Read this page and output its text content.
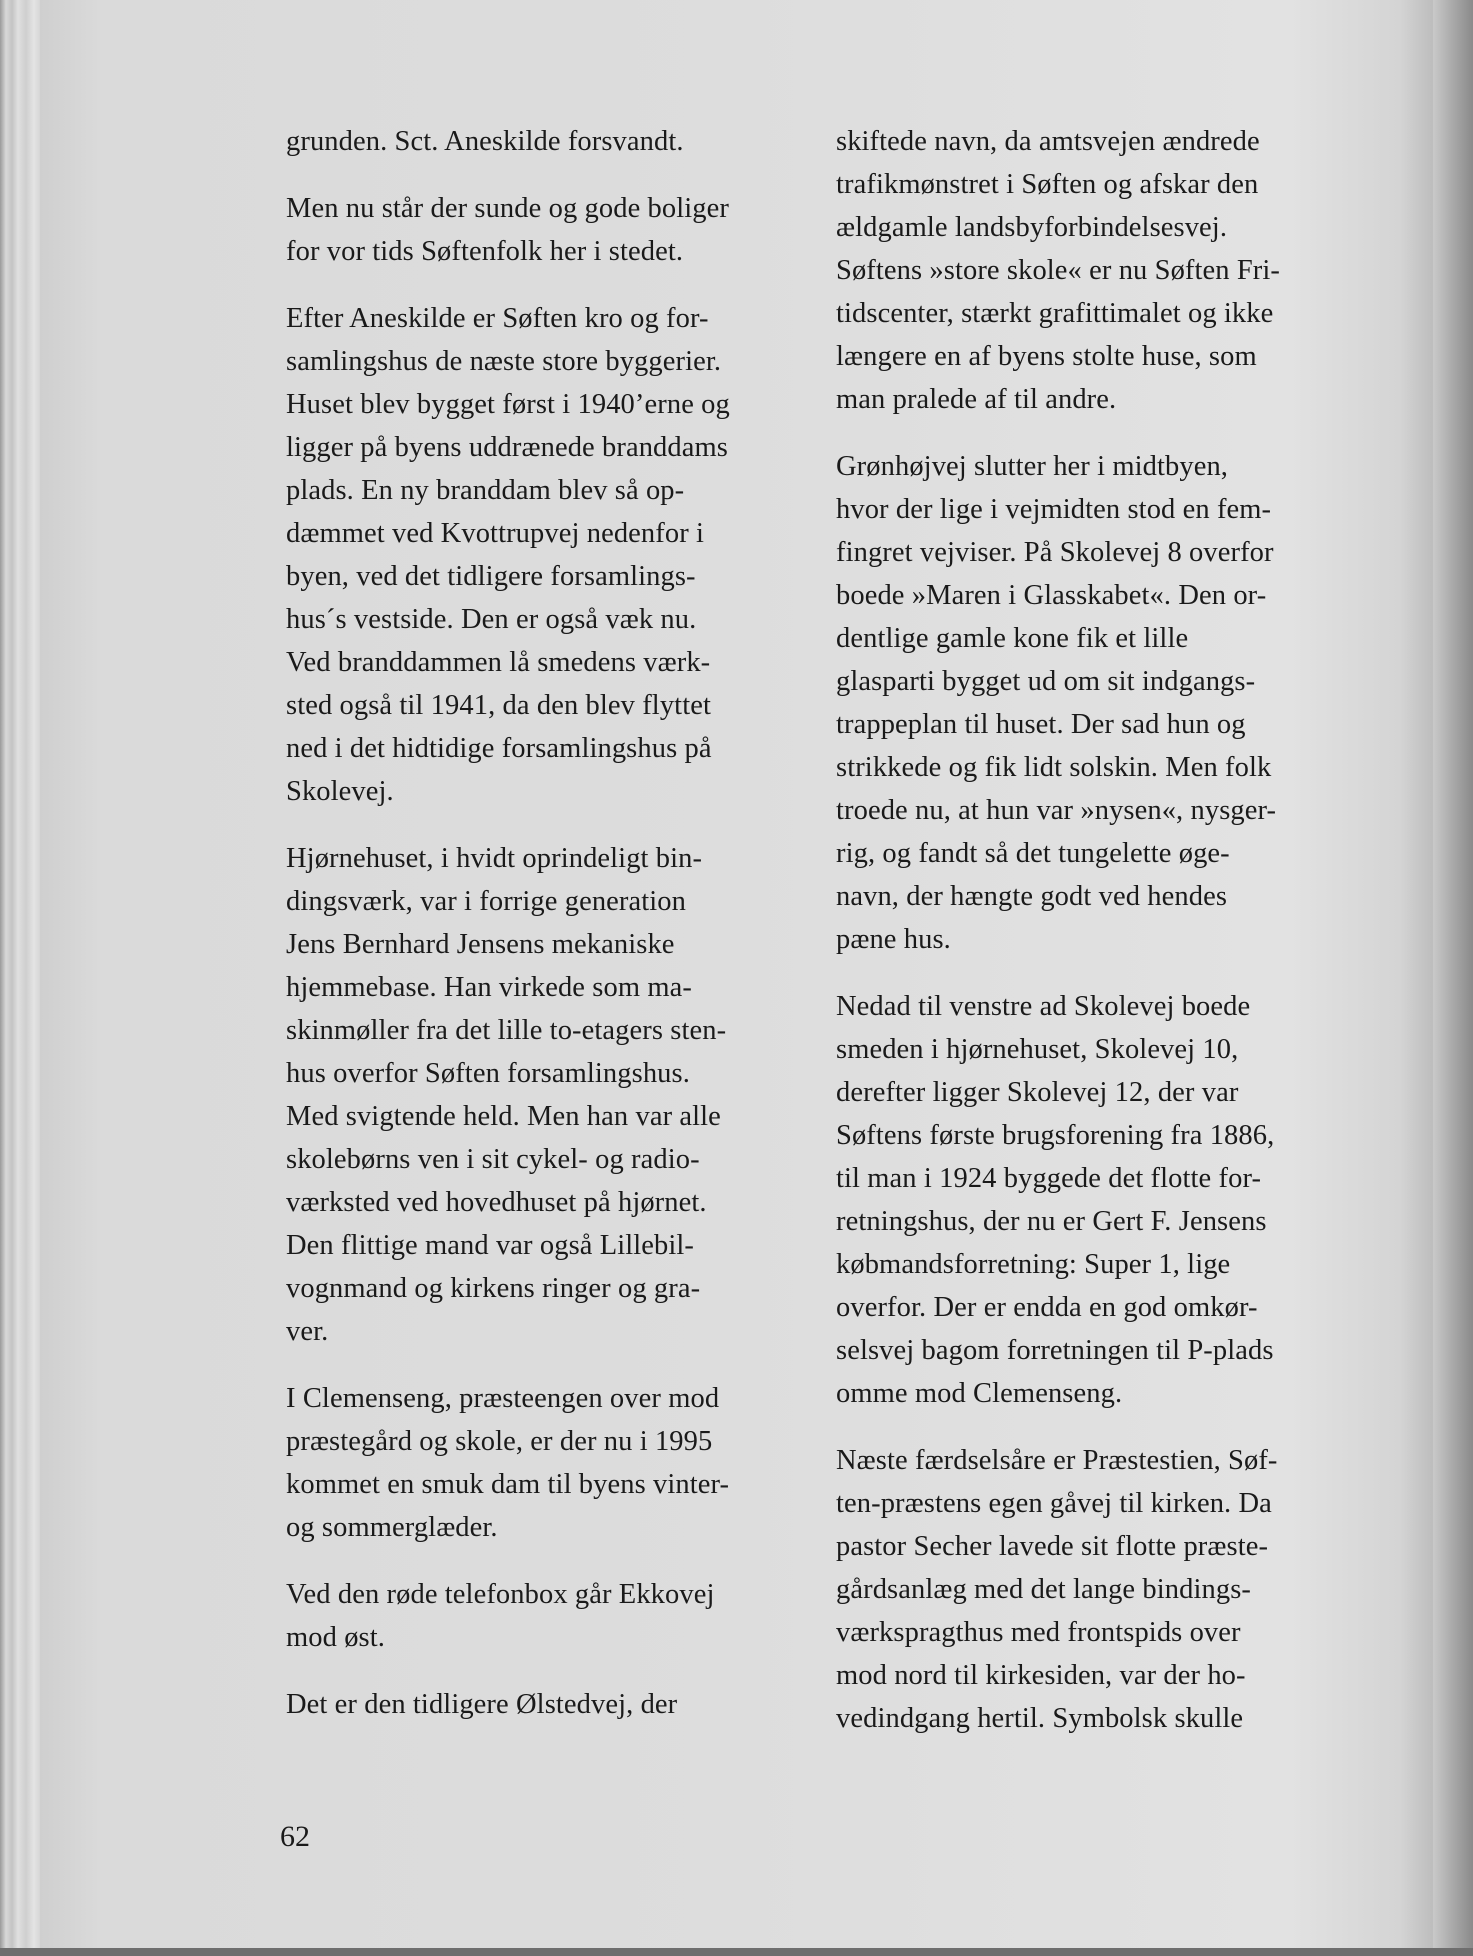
grunden. Sct. Aneskilde forsvandt.
Men nu står der sunde og gode boliger
for vor tids Søftenfolk her i stedet.
Efter Aneskilde er Søften kro og for-
samlingshus de næste store byggerier.
Huset blev bygget først i 1940’erne og
ligger på byens uddrænede branddams
plads. En ny branddam blev så op-
dæmmet ved Kvottrupvej nedenfor i
byen, ved det tidligere forsamlings-
hus´s vestside. Den er også væk nu.
Ved branddammen lå smedens værk-
sted også til 1941, da den blev flyttet
ned i det hidtidige forsamlingshus på
Skolevej.
Hjørnehuset, i hvidt oprindeligt bin-
dingsværk, var i forrige generation
Jens Bernhard Jensens mekaniske
hjemmebase. Han virkede som ma-
skinmøller fra det lille to-etagers sten-
hus overfor Søften forsamlingshus.
Med svigtende held. Men han var alle
skolebørns ven i sit cykel- og radio-
værksted ved hovedhuset på hjørnet.
Den flittige mand var også Lillebil-
vognmand og kirkens ringer og gra-
ver.
I Clemenseng, præsteengen over mod
præstegård og skole, er der nu i 1995
kommet en smuk dam til byens vinter-
og sommerglæder.
Ved den røde telefonbox går Ekkovej
mod øst.
Det er den tidligere Ølstedvej, der
skiftede navn, da amtsvejen ændrede
trafikmønstret i Søften og afskar den
ældgamle landsbyforbindelsesvej.
Søftens »store skole« er nu Søften Fri-
tidscenter, stærkt grafittimalet og ikke
længere en af byens stolte huse, som
man pralede af til andre.
Grønhøjvej slutter her i midtbyen,
hvor der lige i vejmidten stod en fem-
fingret vejviser. På Skolevej 8 overfor
boede »Maren i Glasskabet«. Den or-
dentlige gamle kone fik et lille
glasparti bygget ud om sit indgangs-
trappeplan til huset. Der sad hun og
strikkede og fik lidt solskin. Men folk
troede nu, at hun var »nysen«, nysger-
rig, og fandt så det tungelette øge-
navn, der hængte godt ved hendes
pæne hus.
Nedad til venstre ad Skolevej boede
smeden i hjørnehuset, Skolevej 10,
derefter ligger Skolevej 12, der var
Søftens første brugsforening fra 1886,
til man i 1924 byggede det flotte for-
retningshus, der nu er Gert F. Jensens
købmandsforretning: Super 1, lige
overfor. Der er endda en god omkør-
selsvej bagom forretningen til P-plads
omme mod Clemenseng.
Næste færdselsåre er Præstestien, Søf-
ten-præstens egen gåvej til kirken. Da
pastor Secher lavede sit flotte præste-
gårdsanlæg med det lange bindings-
værkspragthus med frontspids over
mod nord til kirkesiden, var der ho-
vedindgang hertil. Symbolsk skulle
62
